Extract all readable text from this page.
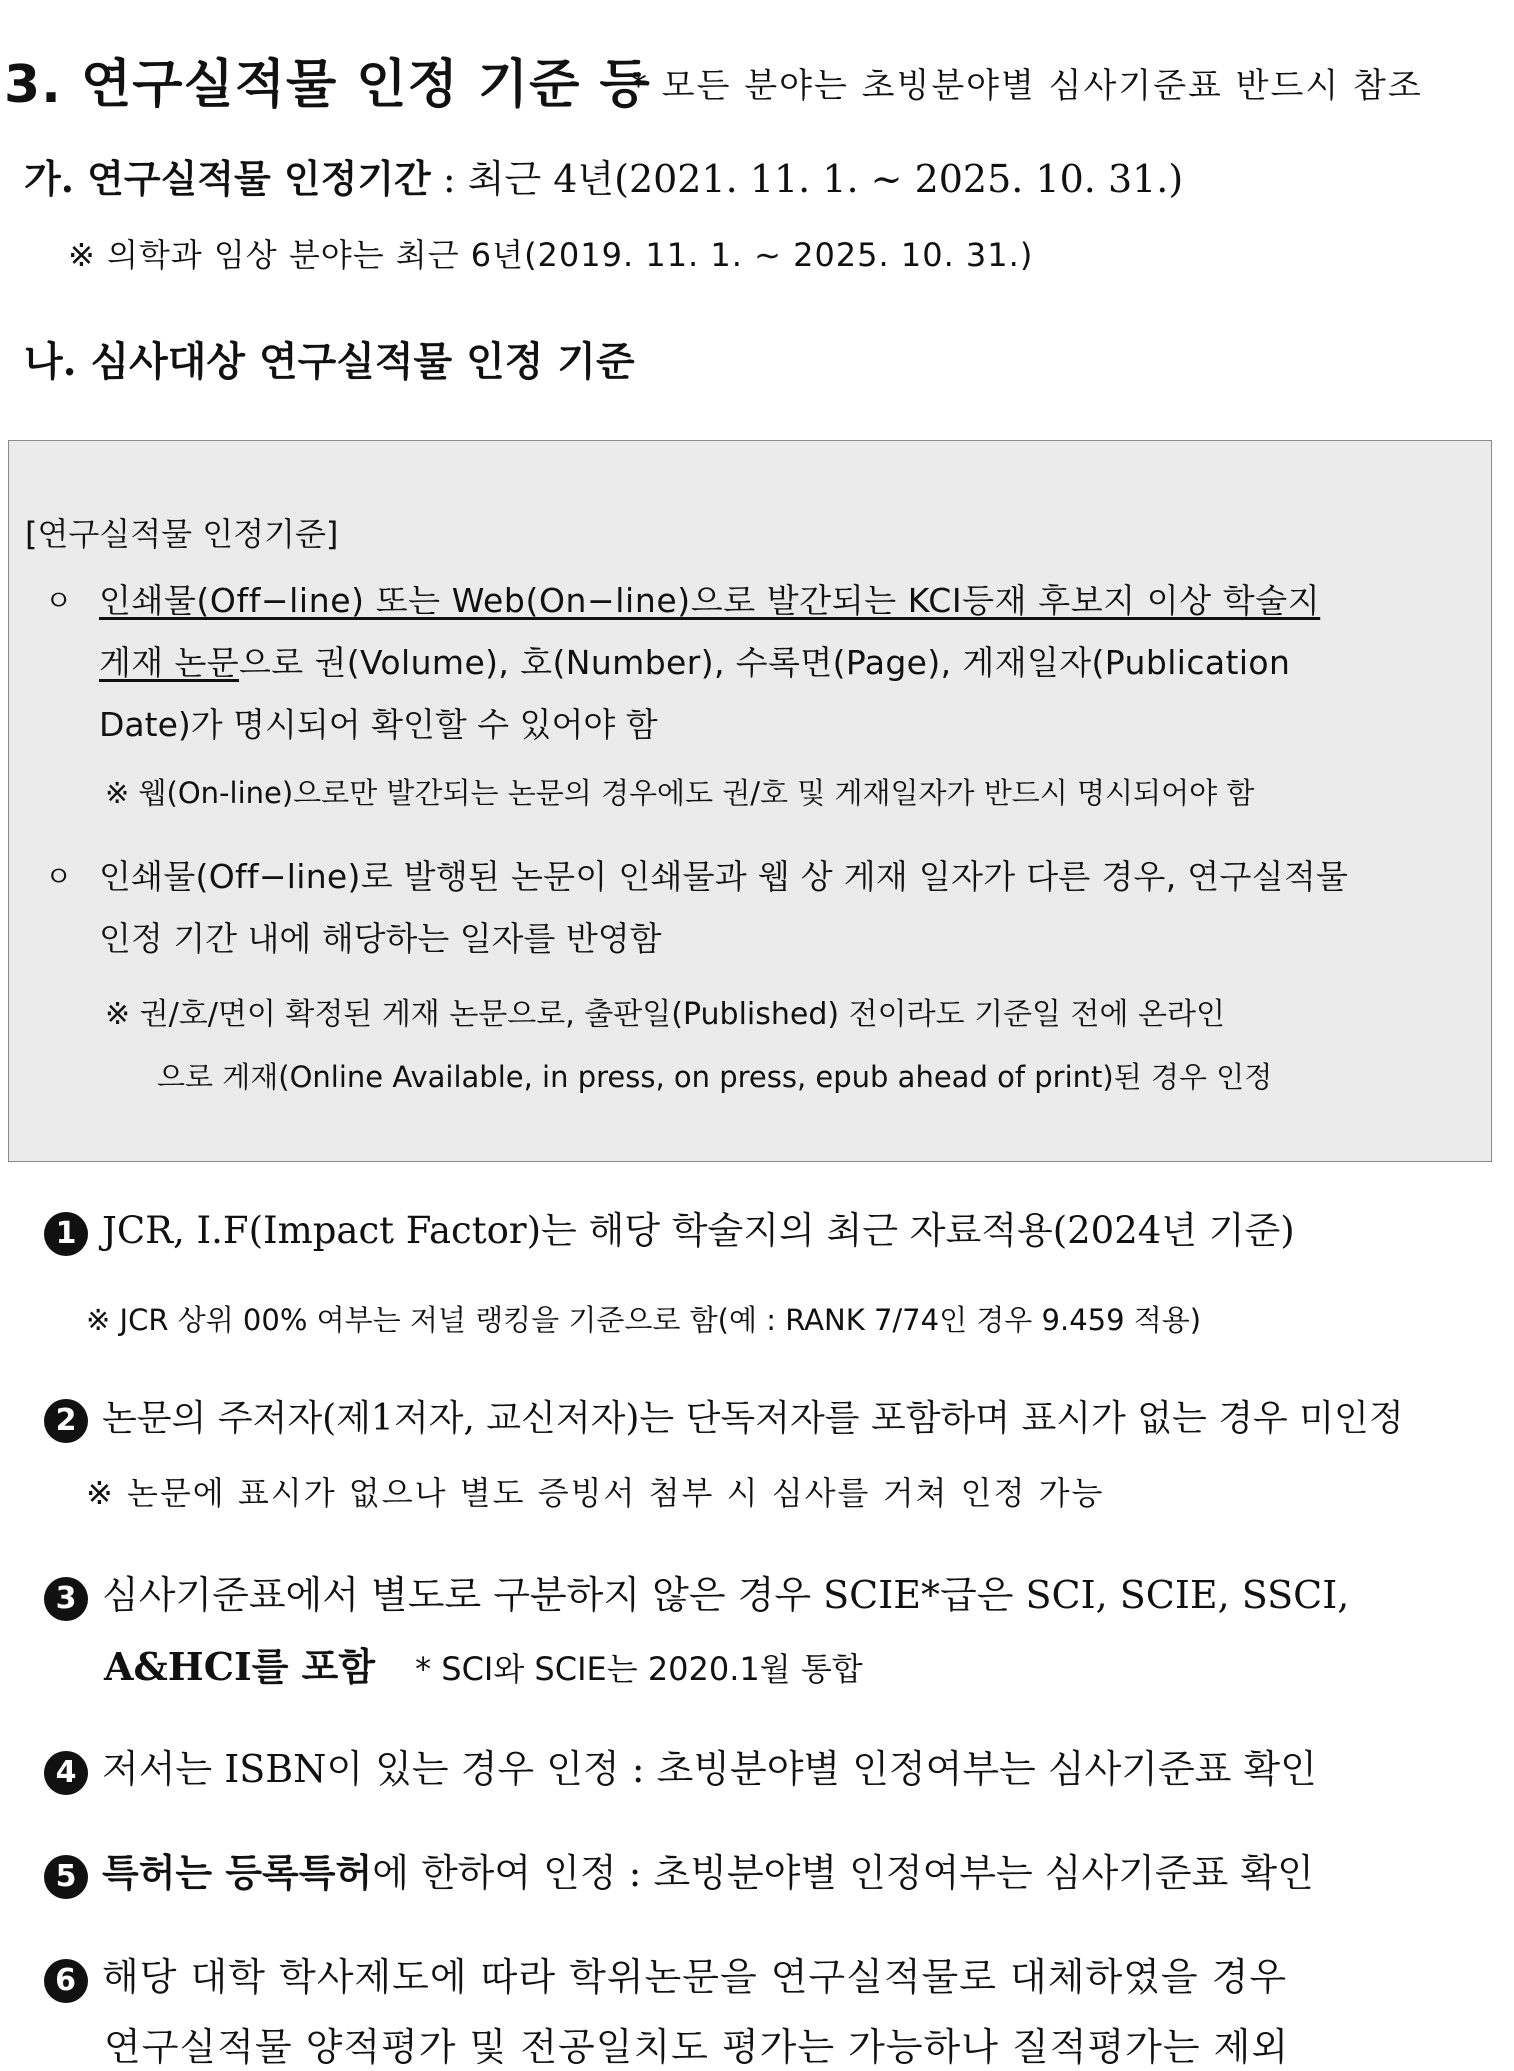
3. 연구실적물 인정 기준 등
* 모든 분야는 초빙분야별 심사기준표 반드시 참조
가. 연구실적물 인정기간 : 최근 4년(2021. 11. 1. ~ 2025. 10. 31.)
※ 의학과 임상 분야는 최근 6년(2019. 11. 1. ∼ 2025. 10. 31.)
나. 심사대상 연구실적물 인정 기준
[연구실적물 인정기준]
ㅇ 인쇄물(Off−line) 또는 Web(On−line)으로 발간되는 KCI등재 후보지 이상 학술지
게재 논문으로 권(Volume), 호(Number), 수록면(Page), 게재일자(Publication
Date)가 명시되어 확인할 수 있어야 함
※ 웹(On-line)으로만 발간되는 논문의 경우에도 권/호 및 게재일자가 반드시 명시되어야 함
ㅇ 인쇄물(Off−line)로 발행된 논문이 인쇄물과 웹 상 게재 일자가 다른 경우, 연구실적물
인정 기간 내에 해당하는 일자를 반영함
※ 권/호/면이 확정된 게재 논문으로, 출판일(Published) 전이라도 기준일 전에 온라인
으로 게재(Online Available, in press, on press, epub ahead of print)된 경우 인정
1 JCR, I.F(Impact Factor)는 해당 학술지의 최근 자료적용(2024년 기준)
※ JCR 상위 00% 여부는 저널 랭킹을 기준으로 함(예 : RANK 7/74인 경우 9.459 적용)
2 논문의 주저자(제1저자, 교신저자)는 단독저자를 포함하며 표시가 없는 경우 미인정
※ 논문에 표시가 없으나 별도 증빙서 첨부 시 심사를 거쳐 인정 가능
3 심사기준표에서 별도로 구분하지 않은 경우 SCIE*급은 SCI, SCIE, SSCI,
A&HCI를 포함 * SCI와 SCIE는 2020.1월 통합
4 저서는 ISBN이 있는 경우 인정 : 초빙분야별 인정여부는 심사기준표 확인
5 특허는 등록특허에 한하여 인정 : 초빙분야별 인정여부는 심사기준표 확인
6 해당 대학 학사제도에 따라 학위논문을 연구실적물로 대체하였을 경우
연구실적물 양적평가 및 전공일치도 평가는 가능하나 질적평가는 제외
